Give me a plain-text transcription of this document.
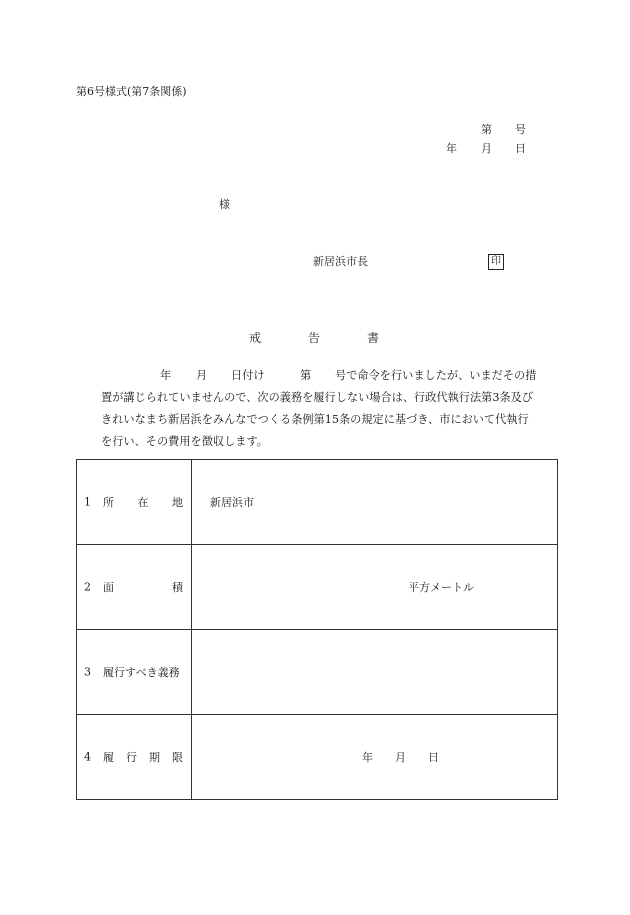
第6号様式(第7条関係)
第 号
年 月 日
様
新居浜市長	印
戒	告	書
年 月 日付け	第 号で命令を行いましたが、いまだその措

置が講じられていませんので、次の義務を履行しない場合は、行政代執行法第3条及び
きれいなまち新居浜をみんなでつくる条例第15条の規定に基づき、市において代執行
を行い、その費用を徴収します。
1 所 在 地	新居浜市

2 面 積	平方メートル

3 履行すべき義務	

4 履 行 期 限	年 月 日
